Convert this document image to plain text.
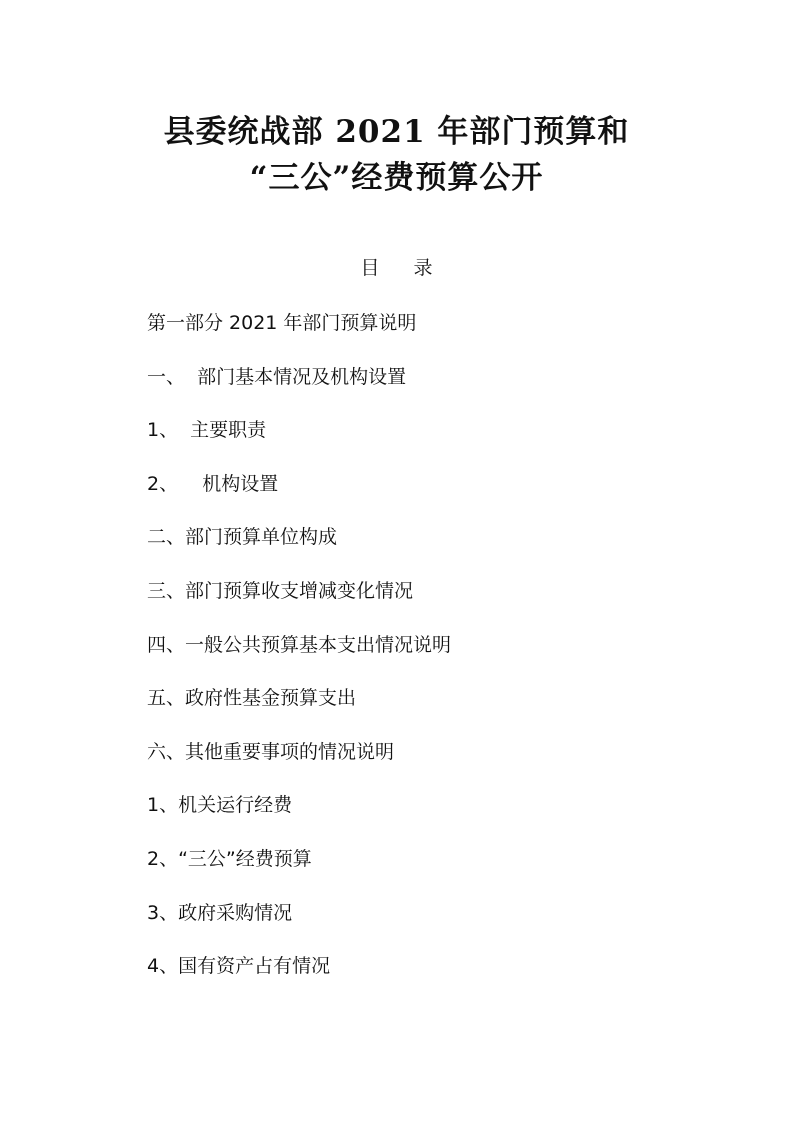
县委统战部 2021 年部门预算和
“三公”经费预算公开
目 录
第一部分 2021 年部门预算说明
一、  部门基本情况及机构设置
1、  主要职责
2、    机构设置
二、部门预算单位构成
三、部门预算收支增减变化情况
四、一般公共预算基本支出情况说明
五、政府性基金预算支出
六、其他重要事项的情况说明
1、机关运行经费
2、“三公”经费预算
3、政府采购情况
4、国有资产占有情况
